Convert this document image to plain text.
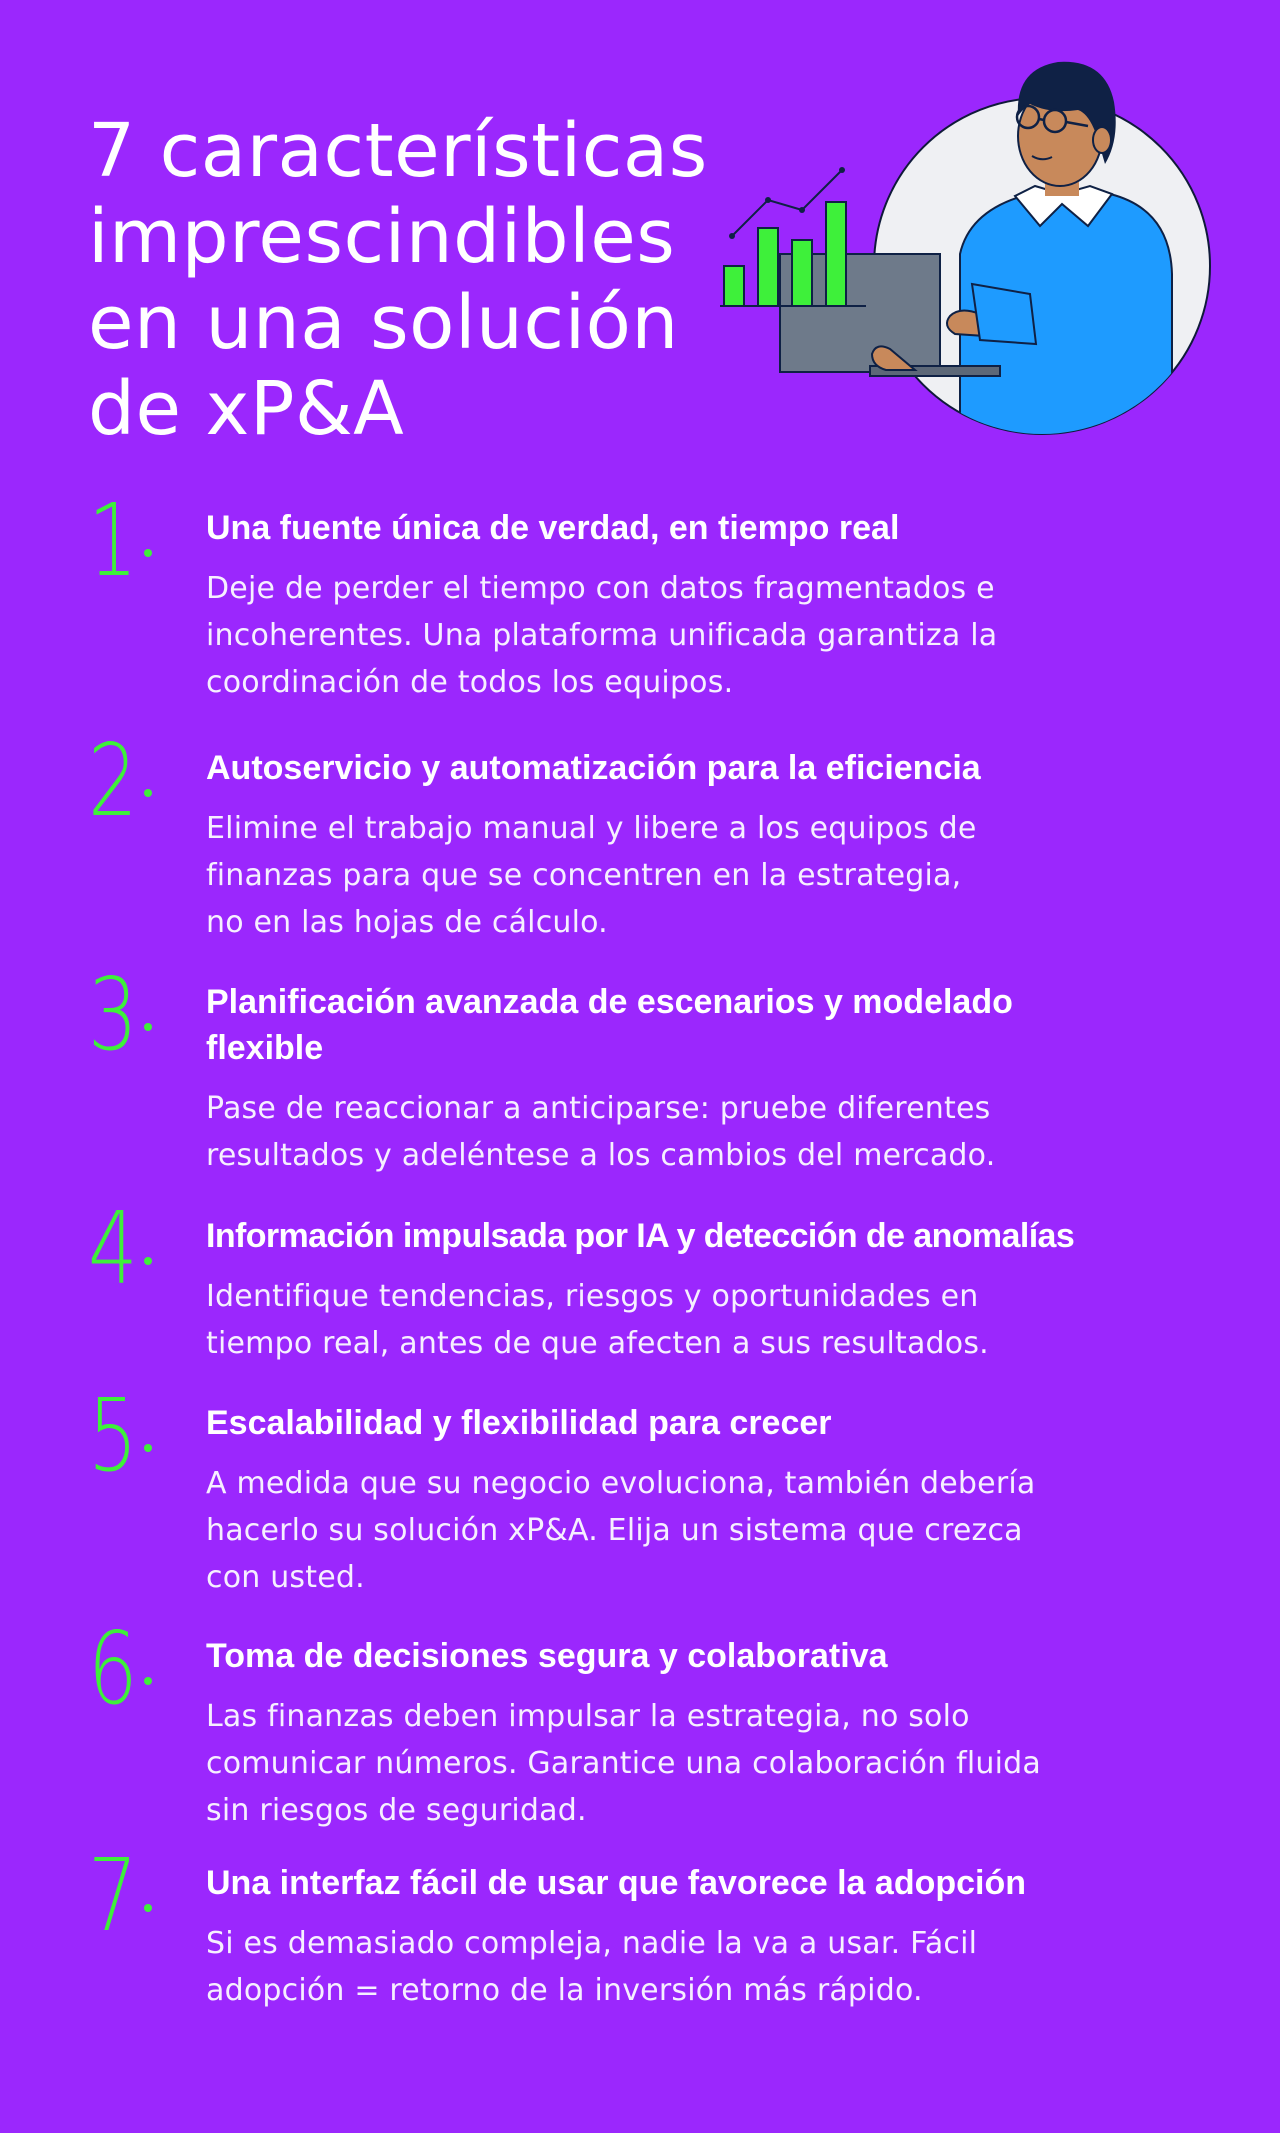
7 características
imprescindibles
en una solución
de xP&A
1	Una fuente única de verdad, en tiempo real

Deje de perder el tiempo con datos fragmentados e
incoherentes. Una plataforma unificada garantiza la
coordinación de todos los equipos.

2	Autoservicio y automatización para la eficiencia

Elimine el trabajo manual y libere a los equipos de
finanzas para que se concentren en la estrategia,
no en las hojas de cálculo.

3	Planificación avanzada de escenarios y modelado flexible

Pase de reaccionar a anticiparse: pruebe diferentes
resultados y adeléntese a los cambios del mercado.

4	Información impulsada por IA y detección de anomalías

Identifique tendencias, riesgos y oportunidades en
tiempo real, antes de que afecten a sus resultados.

5	Escalabilidad y flexibilidad para crecer

A medida que su negocio evoluciona, también debería
hacerlo su solución xP&A. Elija un sistema que crezca
con usted.

6	Toma de decisiones segura y colaborativa

Las finanzas deben impulsar la estrategia, no solo
comunicar números. Garantice una colaboración fluida
sin riesgos de seguridad.

7	Una interfaz fácil de usar que favorece la adopción

Si es demasiado compleja, nadie la va a usar. Fácil
adopción = retorno de la inversión más rápido.
